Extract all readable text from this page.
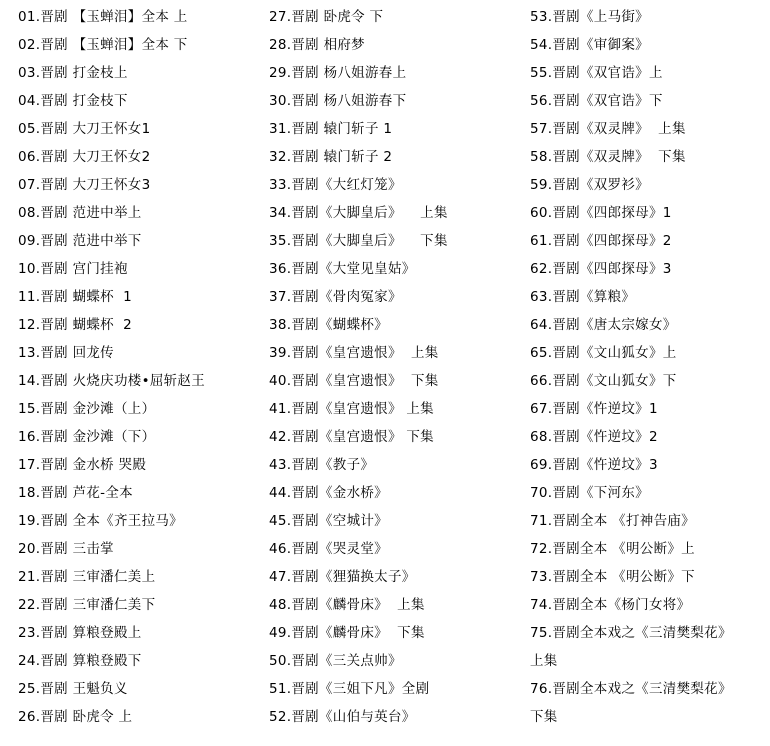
01.晋剧 【玉蝉泪】全本 上
02.晋剧 【玉蝉泪】全本 下
03.晋剧 打金枝上
04.晋剧 打金枝下
05.晋剧 大刀王怀女1
06.晋剧 大刀王怀女2
07.晋剧 大刀王怀女3
08.晋剧 范进中举上
09.晋剧 范进中举下
10.晋剧 宫门挂袍
11.晋剧 蝴蝶杯  1
12.晋剧 蝴蝶杯  2
13.晋剧 回龙传
14.晋剧 火烧庆功楼•屈斩赵王
15.晋剧 金沙滩（上）
16.晋剧 金沙滩（下）
17.晋剧 金水桥 哭殿
18.晋剧 芦花-全本
19.晋剧 全本《齐王拉马》
20.晋剧 三击掌
21.晋剧 三审潘仁美上
22.晋剧 三审潘仁美下
23.晋剧 算粮登殿上
24.晋剧 算粮登殿下
25.晋剧 王魁负义
26.晋剧 卧虎令 上
27.晋剧 卧虎令 下
28.晋剧 相府梦
29.晋剧 杨八姐游春上
30.晋剧 杨八姐游春下
31.晋剧 辕门斩子 1
32.晋剧 辕门斩子 2
33.晋剧《大红灯笼》
34.晋剧《大脚皇后》    上集
35.晋剧《大脚皇后》    下集
36.晋剧《大堂见皇姑》
37.晋剧《骨肉冤家》
38.晋剧《蝴蝶杯》
39.晋剧《皇宫遗恨》  上集
40.晋剧《皇宫遗恨》  下集
41.晋剧《皇宫遗恨》 上集
42.晋剧《皇宫遗恨》 下集
43.晋剧《教子》
44.晋剧《金水桥》
45.晋剧《空城计》
46.晋剧《哭灵堂》
47.晋剧《狸猫换太子》
48.晋剧《麟骨床》  上集
49.晋剧《麟骨床》  下集
50.晋剧《三关点帅》
51.晋剧《三姐下凡》全剧
52.晋剧《山伯与英台》
53.晋剧《上马街》
54.晋剧《审御案》
55.晋剧《双官诰》上
56.晋剧《双官诰》下
57.晋剧《双灵牌》  上集
58.晋剧《双灵牌》  下集
59.晋剧《双罗衫》
60.晋剧《四郎探母》1
61.晋剧《四郎探母》2
62.晋剧《四郎探母》3
63.晋剧《算粮》
64.晋剧《唐太宗嫁女》
65.晋剧《文山狐女》上
66.晋剧《文山狐女》下
67.晋剧《忤逆坟》1
68.晋剧《忤逆坟》2
69.晋剧《忤逆坟》3
70.晋剧《下河东》
71.晋剧全本 《打神告庙》
72.晋剧全本 《明公断》上
73.晋剧全本 《明公断》下
74.晋剧全本《杨门女将》
75.晋剧全本戏之《三清樊梨花》
上集
76.晋剧全本戏之《三清樊梨花》
下集
